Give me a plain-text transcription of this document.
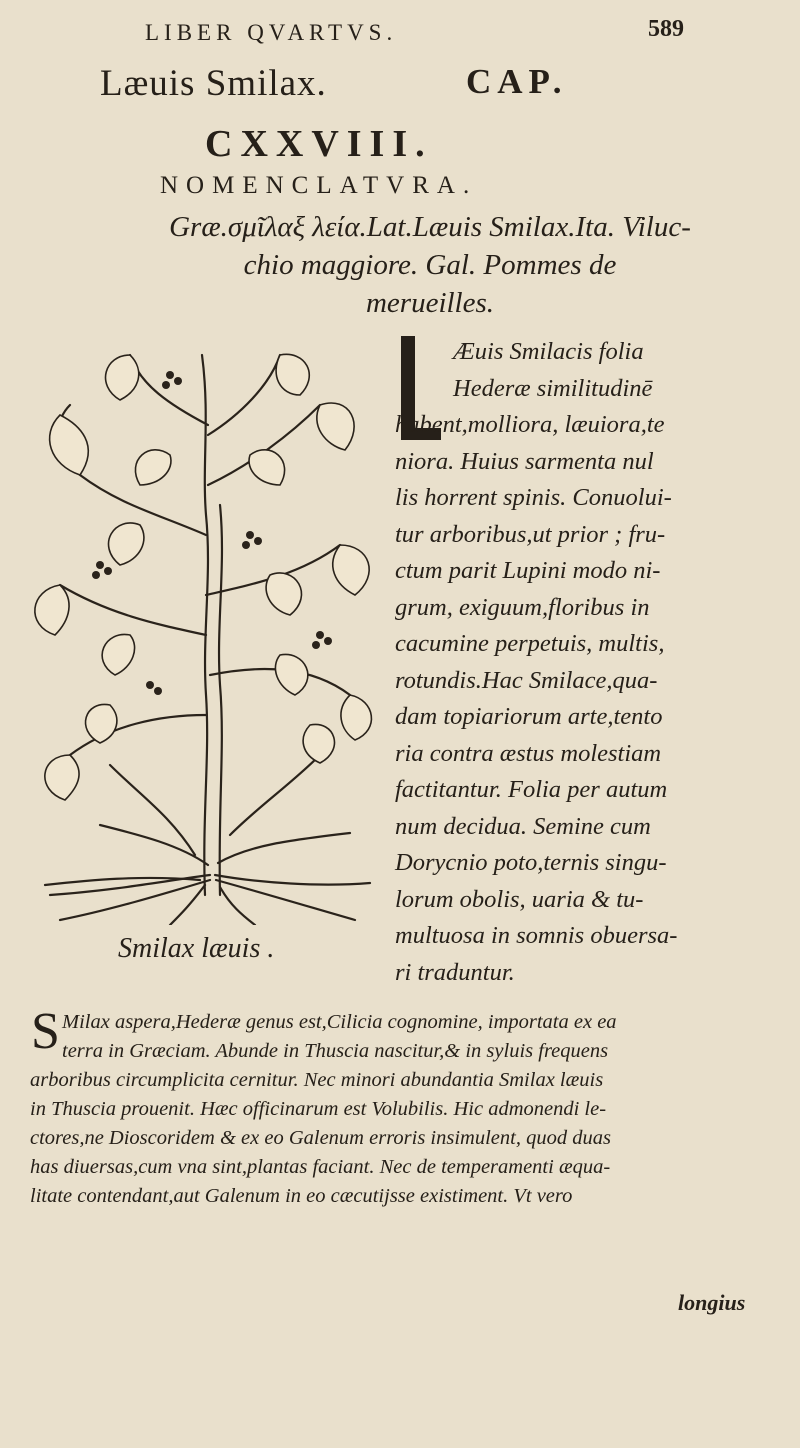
LIBER QVARTVS.	589
Læuis Smilax.	CAP.
CXXVIII.
NOMENCLATVRA.
Græ.σμῖλαξ λεία.Lat.Læuis Smilax.Ita. Viluc-
chio maggiore. Gal. Pommes de
merueilles.
Smilax læuis .
Æuis Smilacis folia
Hederæ similitudinē
habent,molliora, læuiora,te
niora. Huius sarmenta nul
lis horrent spinis. Conuolui-
tur arboribus,ut prior ; fru-
ctum parit Lupini modo ni-
grum, exiguum,floribus in
cacumine perpetuis, multis,
rotundis.Hac Smilace,qua-
dam topiariorum arte,tento
ria contra æstus molestiam
factitantur. Folia per autum
num decidua. Semine cum
Dorycnio poto,ternis singu-
lorum obolis, uaria & tu-
multuosa in somnis obuersa-
ri traduntur.
S Milax aspera,Hederæ genus est,Cilicia cognomine, importata ex ea
terra in Græciam. Abunde in Thuscia nascitur,& in syluis frequens
arboribus circumplicita cernitur. Nec minori abundantia Smilax læuis
in Thuscia prouenit. Hæc officinarum est Volubilis. Hic admonendi le-
ctores,ne Dioscoridem & ex eo Galenum erroris insimulent, quod duas
has diuersas,cum vna sint,plantas faciant. Nec de temperamenti æqua-
litate contendant,aut Galenum in eo cæcutijsse existiment. Vt vero
longius
